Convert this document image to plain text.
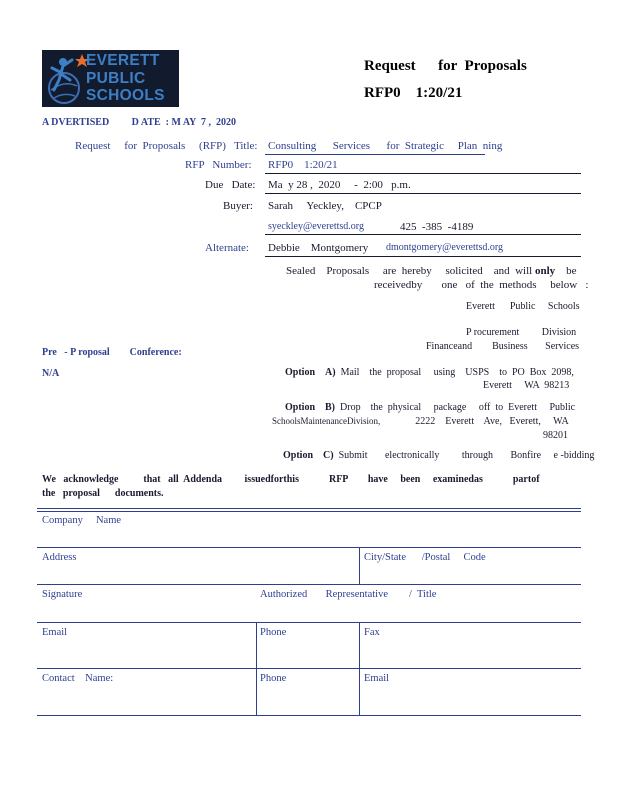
EVERETT
PUBLIC
SCHOOLS
Request      for  Proposals
RFP0    1:20/21
A DVERTISED         D ATE  : M AY  7 ,  2020
Request     for  Proposals     (RFP)   Title: Consulting      Services      for  Strategic     Plan  ning
RFP   Number: RFP0    1:20/21
Due   Date: Ma  y 28 ,  2020     -  2:00   p.m.
Buyer: Sarah     Yeckley,    CPCP
syeckley@everettsd.org	425  -385  -4189
Alternate: Debbie    Montgomery dmontgomery@everettsd.org
Sealed    Proposals     are  hereby     solicited    and  will only be
receivedby       one   of  the  methods     below   :
Everett      Public     Schools
P rocurement         Division
Financeand        Business       Services
Pre   - P roposal        Conference:
N/A	Option A) Mail    the  proposal     using    USPS    to  PO  Box  2098,
Everett     WA  98213
Option B) Drop    the  physical     package     off  to  Everett     Public
SchoolsMaintenanceDivision,	2222    Everett    Ave,   Everett,     WA
98201
Option C) Submit       electronically         through       Bonfire     e -bidding
We   acknowledge          that   all  Addenda         issuedforthis            RFP        have     been     examinedas            partof
the   proposal      documents.
Company     Name
Address	City/State      /Postal     Code
Signature	Authorized       Representative        /  Title
Email	Phone	Fax
Contact    Name:	Phone	Email
